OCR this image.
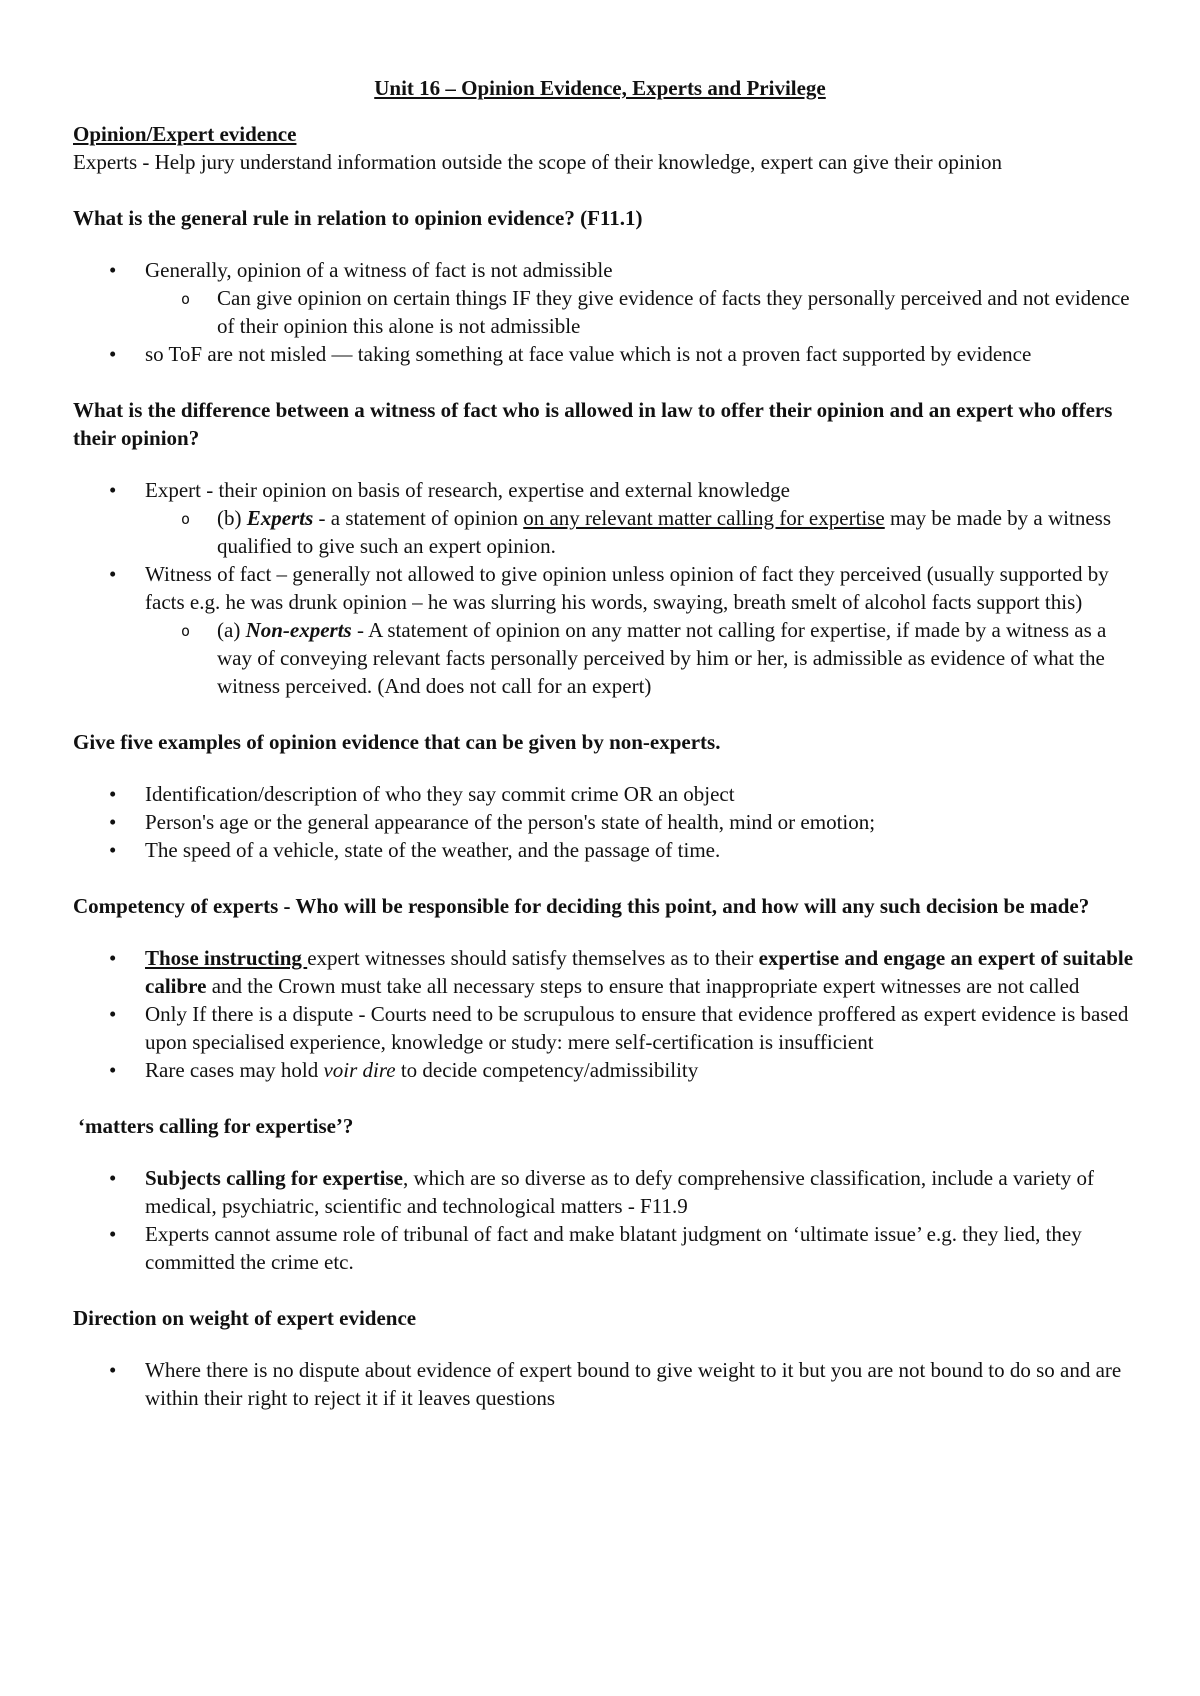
Unit 16 – Opinion Evidence, Experts and Privilege

Opinion/Expert evidence

Experts - Help jury understand information outside the scope of their knowledge, expert can give their opinion

What is the general rule in relation to opinion evidence? (F11.1)

• Generally, opinion of a witness of fact is not admissible
o Can give opinion on certain things IF they give evidence of facts they personally perceived and not evidence of their opinion this alone is not admissible
• so ToF are not misled — taking something at face value which is not a proven fact supported by evidence

What is the difference between a witness of fact who is allowed in law to offer their opinion and an expert who offers their opinion?

• Expert - their opinion on basis of research, expertise and external knowledge
o (b) Experts - a statement of opinion on any relevant matter calling for expertise may be made by a witness qualified to give such an expert opinion.
• Witness of fact – generally not allowed to give opinion unless opinion of fact they perceived (usually supported by facts e.g. he was drunk opinion – he was slurring his words, swaying, breath smelt of alcohol facts support this)
o (a) Non-experts - A statement of opinion on any matter not calling for expertise, if made by a witness as a way of conveying relevant facts personally perceived by him or her, is admissible as evidence of what the witness perceived. (And does not call for an expert)

Give five examples of opinion evidence that can be given by non-experts.

• Identification/description of who they say commit crime OR an object
• Person's age or the general appearance of the person's state of health, mind or emotion;
• The speed of a vehicle, state of the weather, and the passage of time.

Competency of experts - Who will be responsible for deciding this point, and how will any such decision be made?

• Those instructing expert witnesses should satisfy themselves as to their expertise and engage an expert of suitable calibre and the Crown must take all necessary steps to ensure that inappropriate expert witnesses are not called
• Only If there is a dispute - Courts need to be scrupulous to ensure that evidence proffered as expert evidence is based upon specialised experience, knowledge or study: mere self-certification is insufficient
• Rare cases may hold voir dire to decide competency/admissibility

‘matters calling for expertise’?

• Subjects calling for expertise, which are so diverse as to defy comprehensive classification, include a variety of medical, psychiatric, scientific and technological matters - F11.9
• Experts cannot assume role of tribunal of fact and make blatant judgment on ‘ultimate issue’ e.g. they lied, they committed the crime etc.

Direction on weight of expert evidence

• Where there is no dispute about evidence of expert bound to give weight to it but you are not bound to do so and are within their right to reject it if it leaves questions
